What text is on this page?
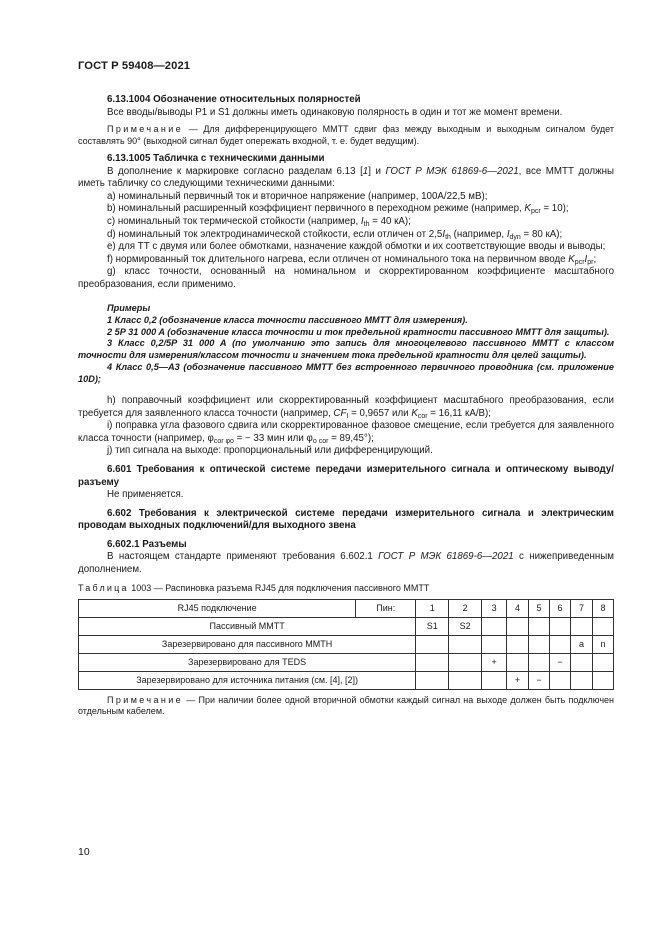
ГОСТ Р 59408—2021

6.13.1004 Обозначение относительных полярностей

Все вводы/выводы P1 и S1 должны иметь одинаковую полярность в один и тот же момент времени.

Примечание — Для дифференцирующего ММТТ сдвиг фаз между выходным и выходным сигналом будет составлять 90° (выходной сигнал будет опережать входной, т. е. будет ведущим).

6.13.1005 Табличка с техническими данными

В дополнение к маркировке согласно разделам 6.13 [1] и ГОСТ Р МЭК 61869-6—2021, все ММТТ должны иметь табличку со следующими техническими данными:

a) номинальный первичный ток и вторичное напряжение (например, 100А/22,5 мВ);

b) номинальный расширенный коэффициент первичного в переходном режиме (например, $K_{pcr} = 10$);

c) номинальный ток термической стойкости (например, $I_{th} = 40$ кА);

d) номинальный ток электродинамической стойкости, если отличен от $2,5I_{th}$ (например, $I_{dyn} = 80$ кА);

e) для ТТ с двумя или более обмотками, назначение каждой обмотки и их соответствующие вводы и выводы;

f) нормированный ток длительного нагрева, если отличен от номинального тока на первичном вводе $K_{pcr}I_{pr}$;

g) класс точности, основанный на номинальном и скорректированном коэффициенте масштабного преобразования, если применимо.

Примеры

1 Класс 0,2 (обозначение класса точности пассивного ММТТ для измерения).

2 5P 31 000 A (обозначение класса точности и ток предельной кратности пассивного ММТТ для защиты).

3 Класс 0,2/5P 31 000 A (по умолчанию это запись для многоцелевого пассивного ММТТ с классом точности для измерения/классом точности и значением тока предельной кратности для целей защиты).

4 Класс 0,5—A3 (обозначение пассивного ММТТ без встроенного первичного проводника (см. приложение 10D);

h) поправочный коэффициент или скорректированный коэффициент масштабного преобразования, если требуется для заявленного класса точности (например, $CF_I = 0,9657$ или $K_{cor} = 16,11$ кА/В);

i) поправка угла фазового сдвига или скорректированное фазовое смещение, если требуется для заявленного класса точности (например, $\varphi_{cor \varphi o}$ = − 33 мин или $\varphi_{o cor} = 89,45^\circ$);

j) тип сигнала на выходе: пропорциональный или дифференцирующий.

6.601 Требования к оптической системе передачи измерительного сигнала и оптическому выводу/разъему

Не применяется.

6.602 Требования к электрической системе передачи измерительного сигнала и электрическим проводам выходных подключений/для выходного звена

6.602.1 Разъемы

В настоящем стандарте применяют требования 6.602.1 ГОСТ Р МЭК 61869-6—2021 с нижеприведенным дополнением.

Таблица 1003 — Распиновка разъема RJ45 для подключения пассивного ММТТ

RJ45 подключение	Пин:	1	2	3	4	5	6	7	8
Пассивный ММТТ		S1	S2						
Зарезервировано для пассивного ММТН								a	n
Зарезервировано для TEDS				+			−		
Зарезервировано для источника питания (см. [4], [2])					+	−			

Примечание — При наличии более одной вторичной обмотки каждый сигнал на выходе должен быть подключен отдельным кабелем.

10
